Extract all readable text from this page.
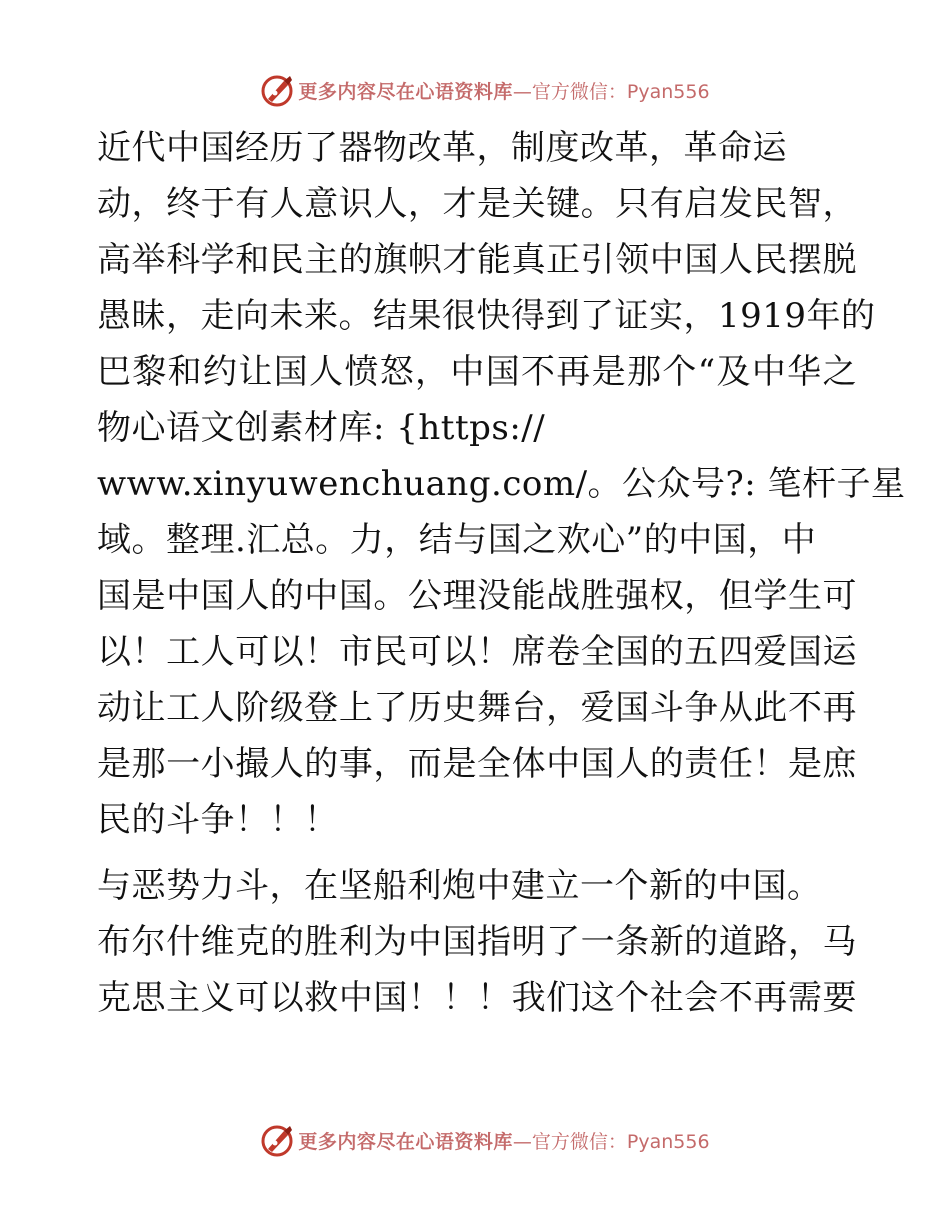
更多内容尽在心语资料库 —官方微信：Pyan556
近代中国经历了器物改革，制度改革，革命运
动，终于有人意识人，才是关键。只有启发民智，
高举科学和民主的旗帜才能真正引领中国人民摆脱
愚昧，走向未来。结果很快得到了证实，1919年的
巴黎和约让国人愤怒，中国不再是那个“及中华之
物心语文创素材库: {https://
www.xinyuwenchuang.com/。公众号?: 笔杆子星
域。整理.汇总。力，结与国之欢心”的中国，中
国是中国人的中国。公理没能战胜强权，但学生可
以！工人可以！市民可以！席卷全国的五四爱国运
动让工人阶级登上了历史舞台，爱国斗争从此不再
是那一小撮人的事，而是全体中国人的责任！是庶
民的斗争！！！
与恶势力斗，在坚船利炮中建立一个新的中国。
布尔什维克的胜利为中国指明了一条新的道路，马
克思主义可以救中国！！！我们这个社会不再需要
更多内容尽在心语资料库 —官方微信：Pyan556
